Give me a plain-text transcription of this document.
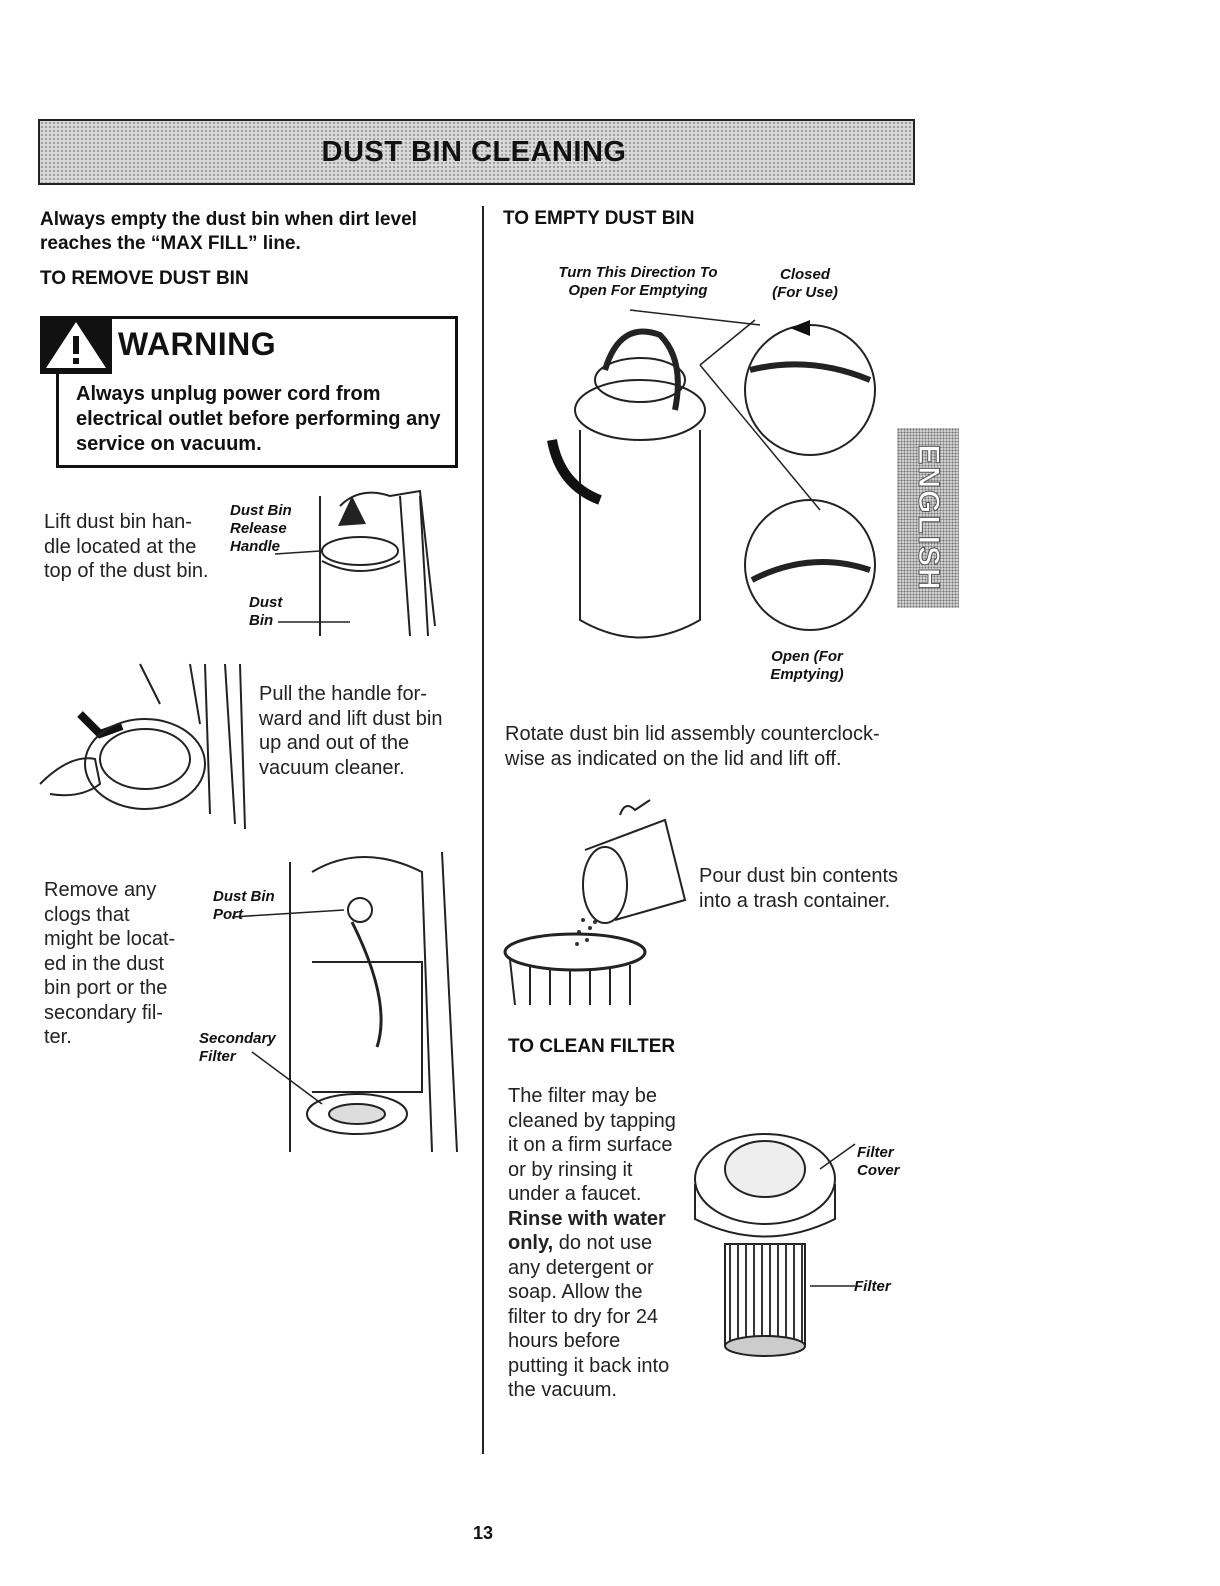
DUST BIN CLEANING
Always empty the dust bin when dirt level reaches the “MAX FILL” line.
TO REMOVE DUST BIN
WARNING
Always unplug power cord from electrical outlet before performing any service on vacuum.
Lift dust bin han-dle located at the top of the dust bin.
Dust Bin Release Handle
Dust Bin
Pull the handle for-ward and lift dust bin up and out of the vacuum cleaner.
Remove any clogs that might be locat-ed in the dust bin port or the secondary fil-ter.
Dust Bin Port
Secondary Filter
TO EMPTY DUST BIN
Turn This Direction To Open For Emptying
Closed (For Use)
Open (For Emptying)
Rotate dust bin lid assembly counterclock-wise as indicated on the lid and lift off.
Pour dust bin contents into a trash container.
TO CLEAN FILTER
The filter may be cleaned by tapping it on a firm surface or by rinsing it under a faucet. Rinse with water only, do not use any detergent or soap. Allow the filter to dry for 24 hours before putting it back into the vacuum.
Filter Cover
Filter
ENGLISH
13
